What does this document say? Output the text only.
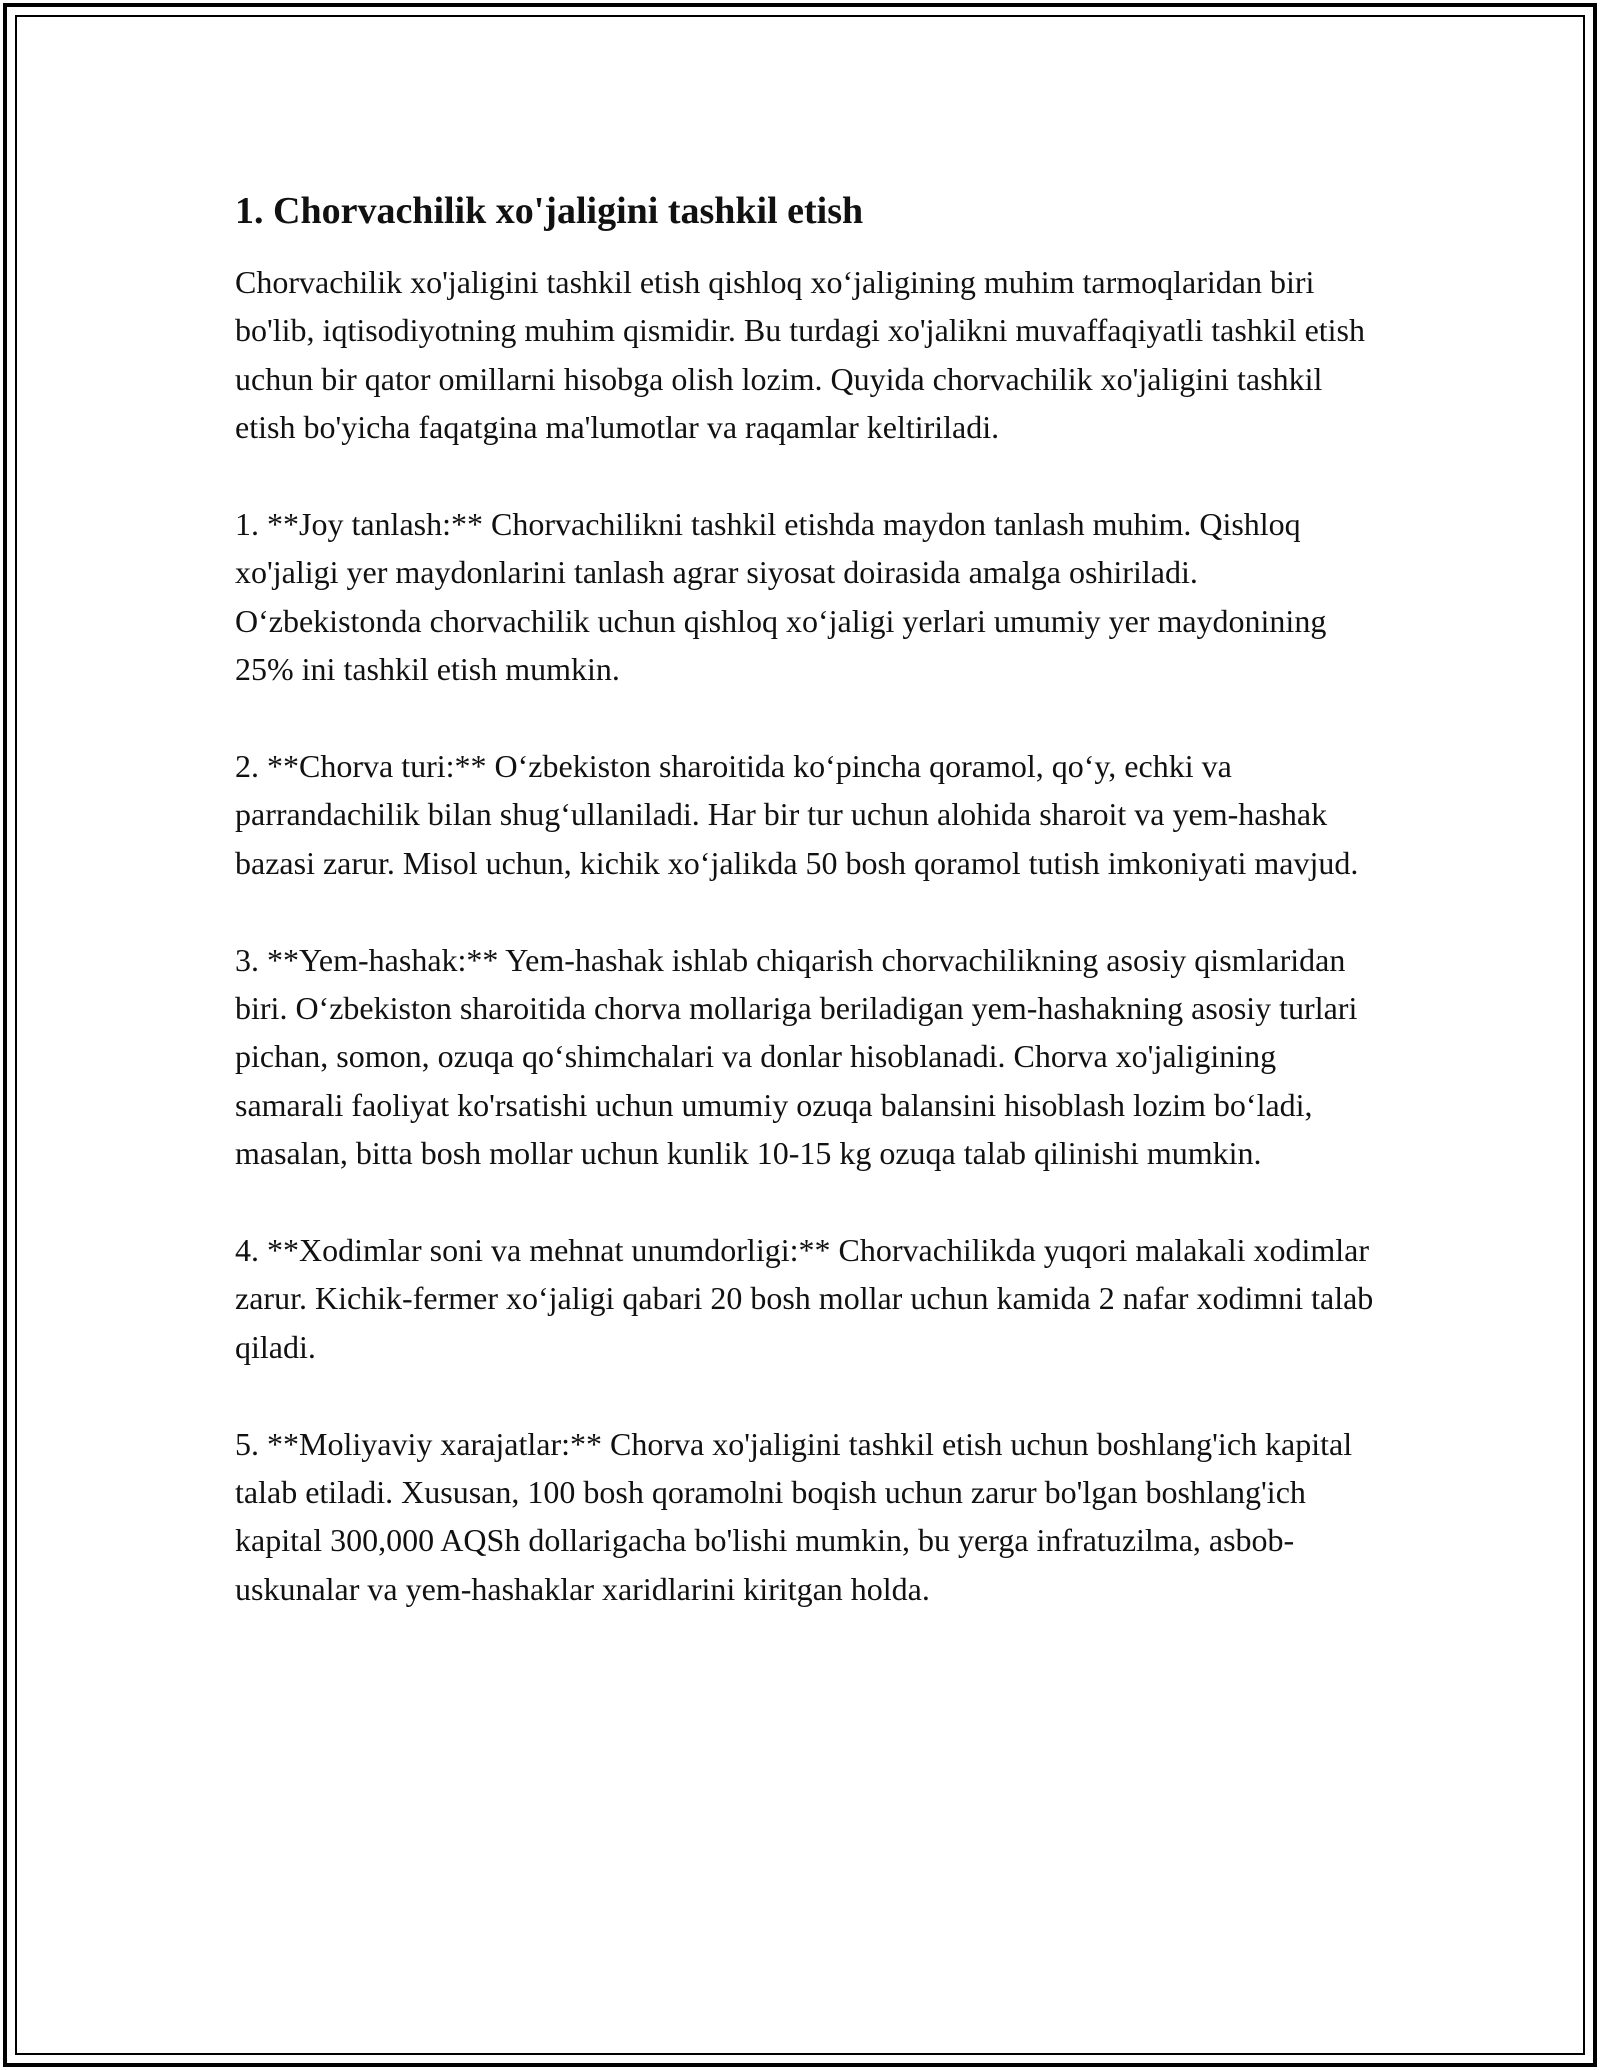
1. Chorvachilik xo'jaligini tashkil etish

Chorvachilik xo'jaligini tashkil etish qishloq xo‘jaligining muhim tarmoqlaridan biri bo'lib, iqtisodiyotning muhim qismidir. Bu turdagi xo'jalikni muvaffaqiyatli tashkil etish uchun bir qator omillarni hisobga olish lozim. Quyida chorvachilik xo'jaligini tashkil etish bo'yicha faqatgina ma'lumotlar va raqamlar keltiriladi.

1. **Joy tanlash:** Chorvachilikni tashkil etishda maydon tanlash muhim. Qishloq xo'jaligi yer maydonlarini tanlash agrar siyosat doirasida amalga oshiriladi. O‘zbekistonda chorvachilik uchun qishloq xo‘jaligi yerlari umumiy yer maydonining 25% ini tashkil etish mumkin.

2. **Chorva turi:** O‘zbekiston sharoitida ko‘pincha qoramol, qo‘y, echki va parrandachilik bilan shug‘ullaniladi. Har bir tur uchun alohida sharoit va yem-hashak bazasi zarur. Misol uchun, kichik xo‘jalikda 50 bosh qoramol tutish imkoniyati mavjud.

3. **Yem-hashak:** Yem-hashak ishlab chiqarish chorvachilikning asosiy qismlaridan biri. O‘zbekiston sharoitida chorva mollariga beriladigan yem-hashakning asosiy turlari pichan, somon, ozuqa qo‘shimchalari va donlar hisoblanadi. Chorva xo'jaligining samarali faoliyat ko'rsatishi uchun umumiy ozuqa balansini hisoblash lozim bo‘ladi, masalan, bitta bosh mollar uchun kunlik 10-15 kg ozuqa talab qilinishi mumkin.

4. **Xodimlar soni va mehnat unumdorligi:** Chorvachilikda yuqori malakali xodimlar zarur. Kichik-fermer xo‘jaligi qabari 20 bosh mollar uchun kamida 2 nafar xodimni talab qiladi.

5. **Moliyaviy xarajatlar:** Chorva xo'jaligini tashkil etish uchun boshlang'ich kapital talab etiladi. Xususan, 100 bosh qoramolni boqish uchun zarur bo'lgan boshlang'ich kapital 300,000 AQSh dollarigacha bo'lishi mumkin, bu yerga infratuzilma, asbob-uskunalar va yem-hashaklar xaridlarini kiritgan holda.
